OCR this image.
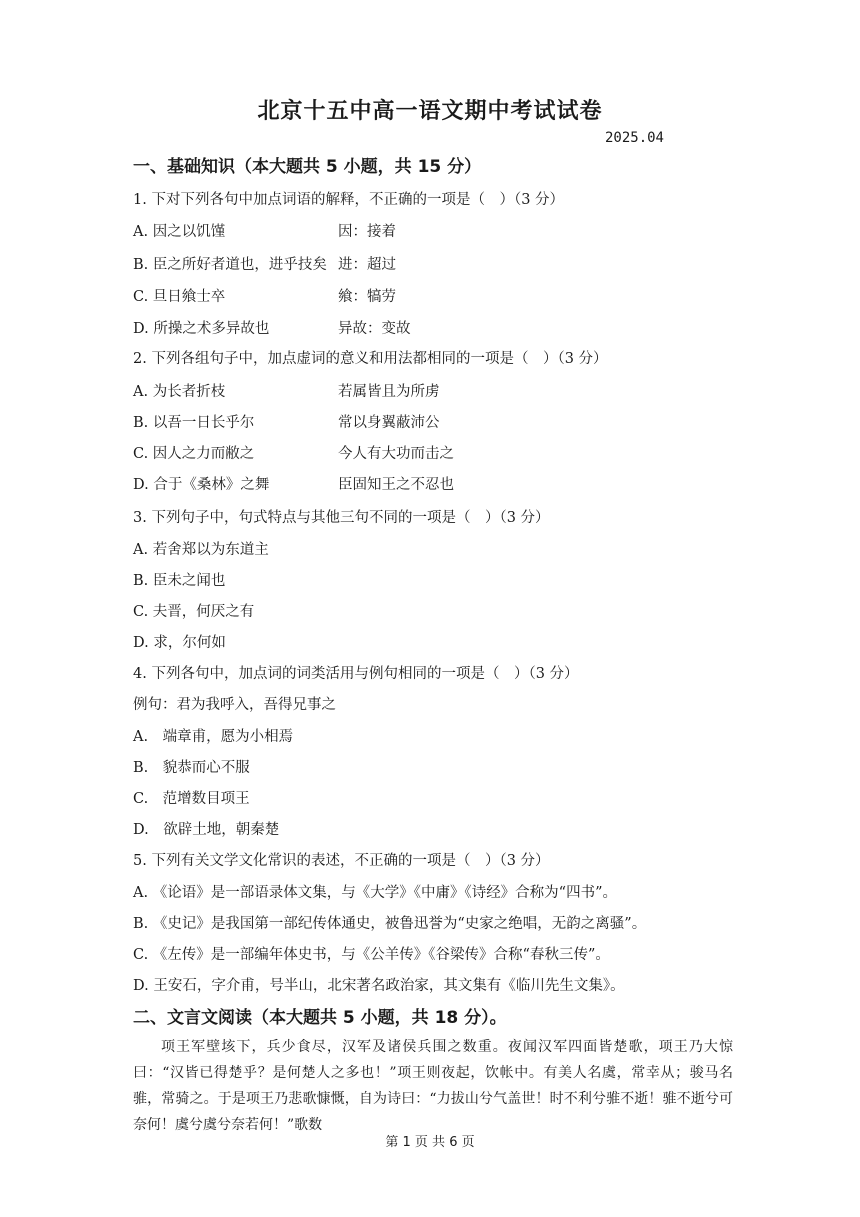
北京十五中高一语文期中考试试卷
2025.04
一、基础知识（本大题共 5 小题，共 15 分）
1. 下对下列各句中加点词语的解释，不正确的一项是（　）（3 分）
A. 因之以饥馑	因：接着
B. 臣之所好者道也，进乎技矣 进：超过
C. 旦日飨士卒	飨：犒劳
D. 所操之术多异故也	异故：变故
2. 下列各组句子中，加点虚词的意义和用法都相同的一项是（　）（3 分）
A. 为长者折枝	若属皆且为所虏
B. 以吾一日长乎尔	常以身翼蔽沛公
C. 因人之力而敝之	今人有大功而击之
D. 合于《桑林》之舞	臣固知王之不忍也
3. 下列句子中，句式特点与其他三句不同的一项是（　）（3 分）
A. 若舍郑以为东道主
B. 臣未之闻也
C. 夫晋，何厌之有
D. 求，尔何如
4. 下列各句中，加点词的词类活用与例句相同的一项是（　）（3 分）
例句：君为我呼入，吾得兄事之
A.　端章甫，愿为小相焉
B.　貌恭而心不服
C.　范增数目项王
D.　欲辟土地，朝秦楚
5. 下列有关文学文化常识的表述，不正确的一项是（　）（3 分）
A. 《论语》是一部语录体文集，与《大学》《中庸》《诗经》合称为“四书”。
B. 《史记》是我国第一部纪传体通史，被鲁迅誉为“史家之绝唱，无韵之离骚”。
C. 《左传》是一部编年体史书，与《公羊传》《谷梁传》合称“春秋三传”。
D. 王安石，字介甫，号半山，北宋著名政治家，其文集有《临川先生文集》。
二、文言文阅读（本大题共 5 小题，共 18 分）。
项王军壁垓下，兵少食尽，汉军及诸侯兵围之数重。夜闻汉军四面皆楚歌，项王乃大惊曰：“汉皆已得楚乎？是何楚人之多也！”项王则夜起，饮帐中。有美人名虞，常幸从；骏马名骓，常骑之。于是项王乃悲歌慷慨，自为诗曰：“力拔山兮气盖世！时不利兮骓不逝！骓不逝兮可奈何！虞兮虞兮奈若何！”歌数
第 1 页 共 6 页
